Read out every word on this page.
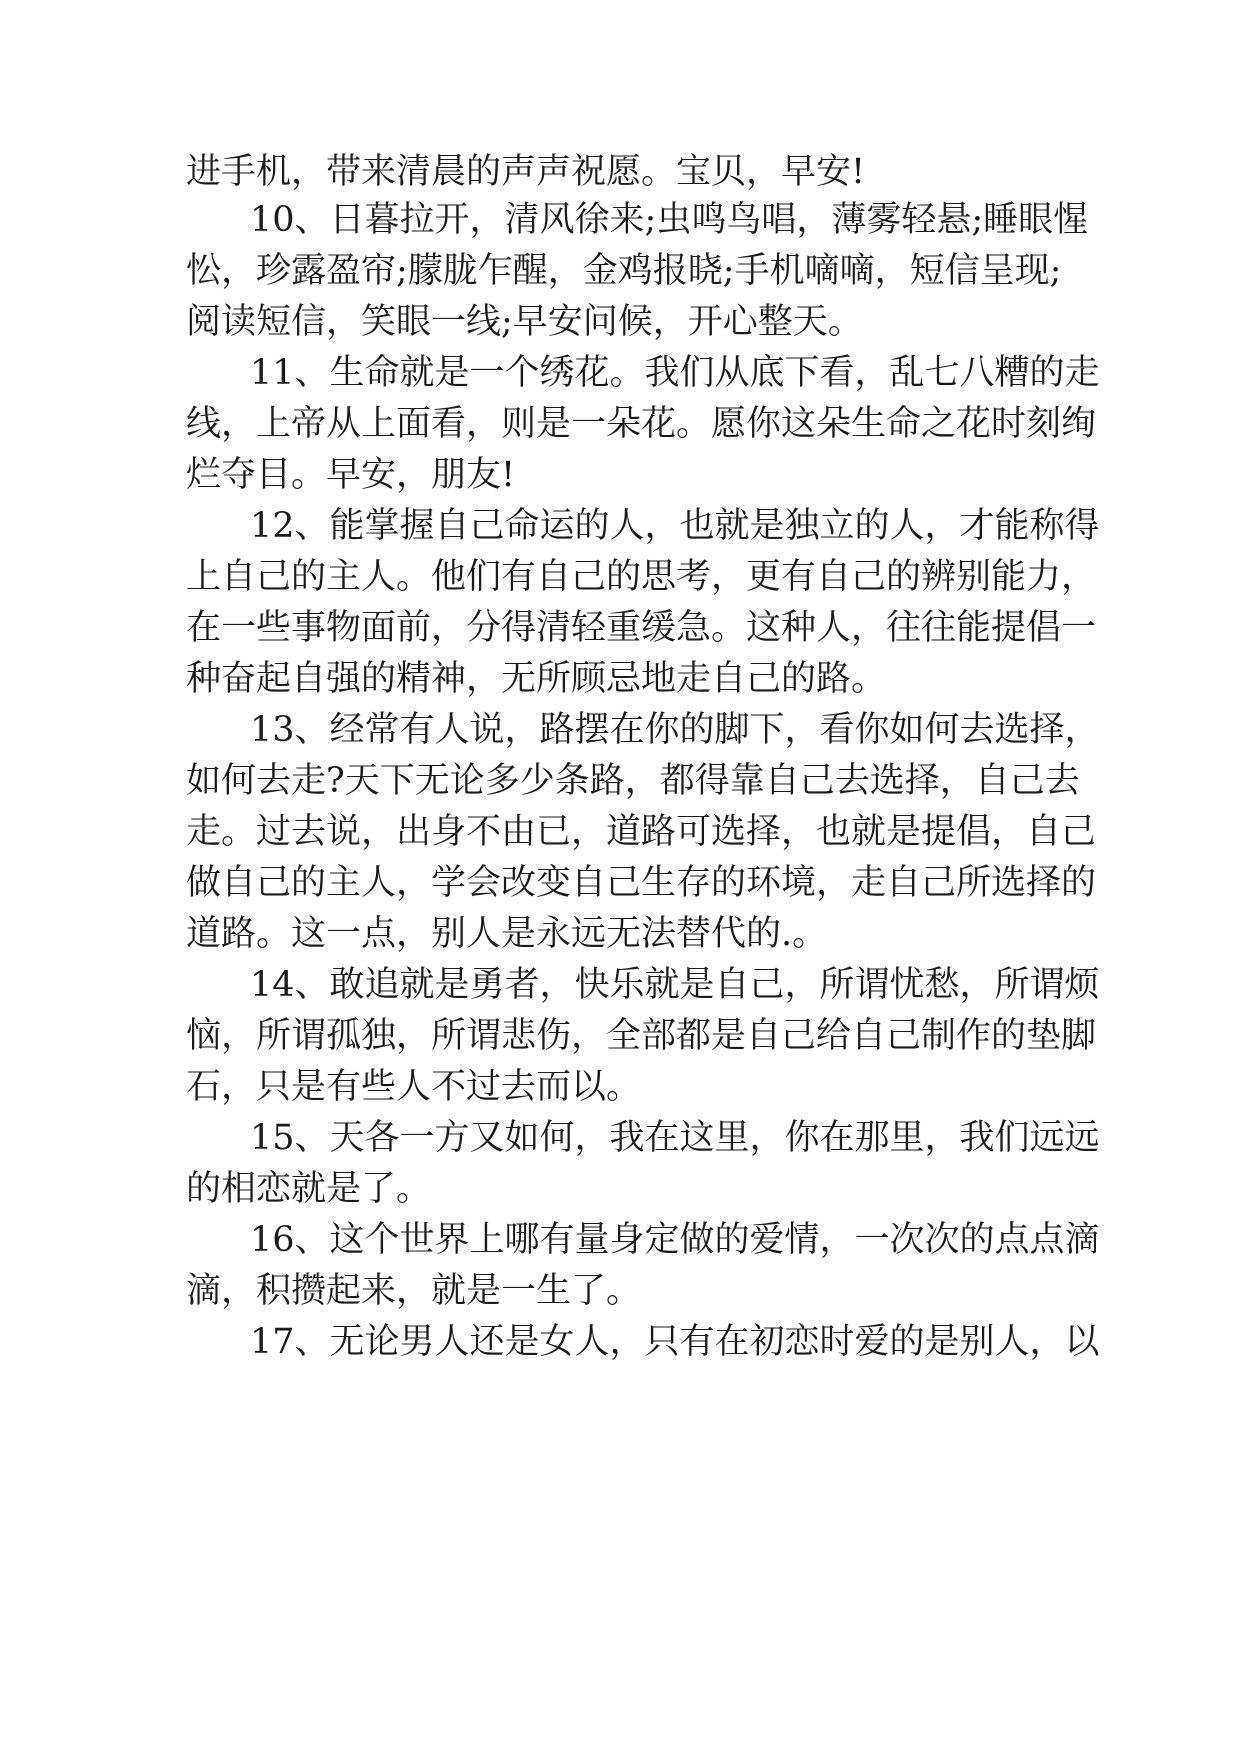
进手机，带来清晨的声声祝愿。宝贝，早安!
10、日暮拉开，清风徐来;虫鸣鸟唱，薄雾轻悬;睡眼惺
忪，珍露盈帘;朦胧乍醒，金鸡报晓;手机嘀嘀，短信呈现;
阅读短信，笑眼一线;早安问候，开心整天。
11、生命就是一个绣花。我们从底下看，乱七八糟的走
线，上帝从上面看，则是一朵花。愿你这朵生命之花时刻绚
烂夺目。早安，朋友!
12、能掌握自己命运的人，也就是独立的人，才能称得
上自己的主人。他们有自己的思考，更有自己的辨别能力，
在一些事物面前，分得清轻重缓急。这种人，往往能提倡一
种奋起自强的精神，无所顾忌地走自己的路。
13、经常有人说，路摆在你的脚下，看你如何去选择，
如何去走?天下无论多少条路，都得靠自己去选择，自己去
走。过去说，出身不由已，道路可选择，也就是提倡，自己
做自己的主人，学会改变自己生存的环境，走自己所选择的
道路。这一点，别人是永远无法替代的.。
14、敢追就是勇者，快乐就是自己，所谓忧愁，所谓烦
恼，所谓孤独，所谓悲伤，全部都是自己给自己制作的垫脚
石，只是有些人不过去而以。
15、天各一方又如何，我在这里，你在那里，我们远远
的相恋就是了。
16、这个世界上哪有量身定做的爱情，一次次的点点滴
滴，积攒起来，就是一生了。
17、无论男人还是女人，只有在初恋时爱的是别人，以
